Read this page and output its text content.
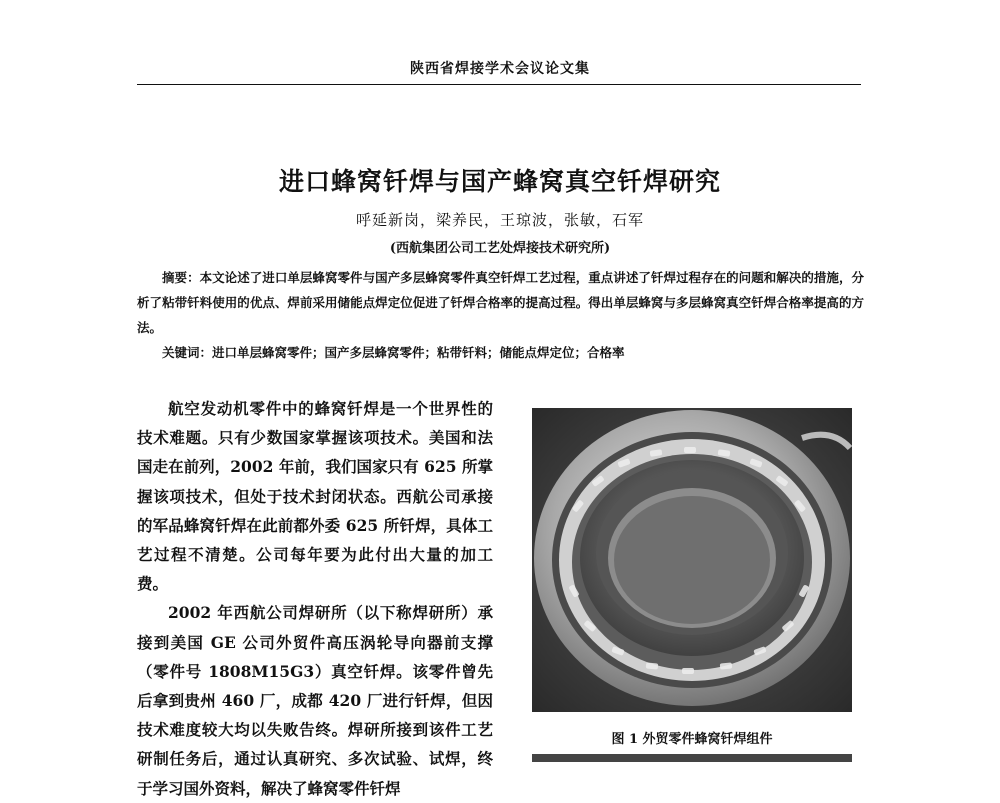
陕西省焊接学术会议论文集
进口蜂窝钎焊与国产蜂窝真空钎焊研究
呼延新岗，梁养民，王琼波，张敏，石军
(西航集团公司工艺处焊接技术研究所)
摘要：本文论述了进口单层蜂窝零件与国产多层蜂窝零件真空钎焊工艺过程，重点讲述了钎焊过程存在的问题和解决的措施，分析了粘带钎料使用的优点、焊前采用储能点焊定位促进了钎焊合格率的提高过程。得出单层蜂窝与多层蜂窝真空钎焊合格率提高的方法。
关键词：进口单层蜂窝零件；国产多层蜂窝零件；粘带钎料；储能点焊定位；合格率

航空发动机零件中的蜂窝钎焊是一个世界性的技术难题。只有少数国家掌握该项技术。美国和法国走在前列，2002 年前，我们国家只有 625 所掌握该项技术，但处于技术封闭状态。西航公司承接的军品蜂窝钎焊在此前都外委 625 所钎焊，具体工艺过程不清楚。公司每年要为此付出大量的加工费。

2002 年西航公司焊研所（以下称焊研所）承接到美国 GE 公司外贸件高压涡轮导向器前支撑（零件号 1808M15G3）真空钎焊。该零件曾先后拿到贵州 460 厂，成都 420 厂进行钎焊，但因技术难度较大均以失败告终。焊研所接到该件工艺研制任务后，通过认真研究、多次试验、试焊，终于学习国外资料，解决了蜂窝零件钎焊

图 1 外贸零件蜂窝钎焊组件
